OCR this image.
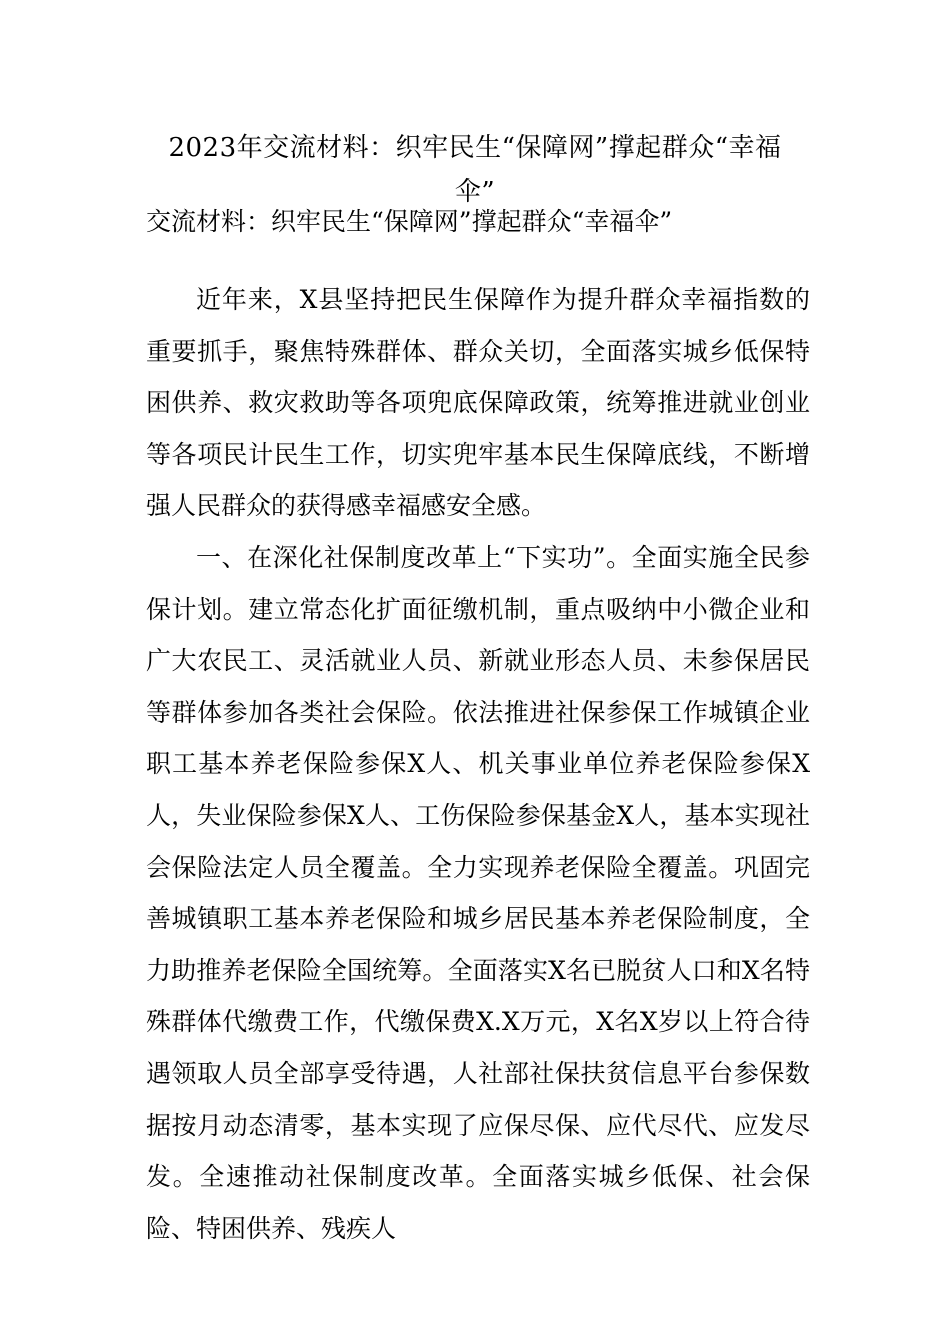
2023年交流材料：织牢民生“保障网”撑起群众“幸福伞”
交流材料：织牢民生“保障网”撑起群众“幸福伞”

近年来，X县坚持把民生保障作为提升群众幸福指数的重要抓手，聚焦特殊群体、群众关切，全面落实城乡低保特困供养、救灾救助等各项兜底保障政策，统筹推进就业创业等各项民计民生工作，切实兜牢基本民生保障底线，不断增强人民群众的获得感幸福感安全感。

一、在深化社保制度改革上“下实功”。全面实施全民参保计划。建立常态化扩面征缴机制，重点吸纳中小微企业和广大农民工、灵活就业人员、新就业形态人员、未参保居民等群体参加各类社会保险。依法推进社保参保工作城镇企业职工基本养老保险参保X人、机关事业单位养老保险参保X人，失业保险参保X人、工伤保险参保基金X人，基本实现社会保险法定人员全覆盖。全力实现养老保险全覆盖。巩固完善城镇职工基本养老保险和城乡居民基本养老保险制度，全力助推养老保险全国统筹。全面落实X名已脱贫人口和X名特殊群体代缴费工作，代缴保费X.X万元，X名X岁以上符合待遇领取人员全部享受待遇，人社部社保扶贫信息平台参保数据按月动态清零，基本实现了应保尽保、应代尽代、应发尽发。全速推动社保制度改革。全面落实城乡低保、社会保险、特困供养、残疾人
